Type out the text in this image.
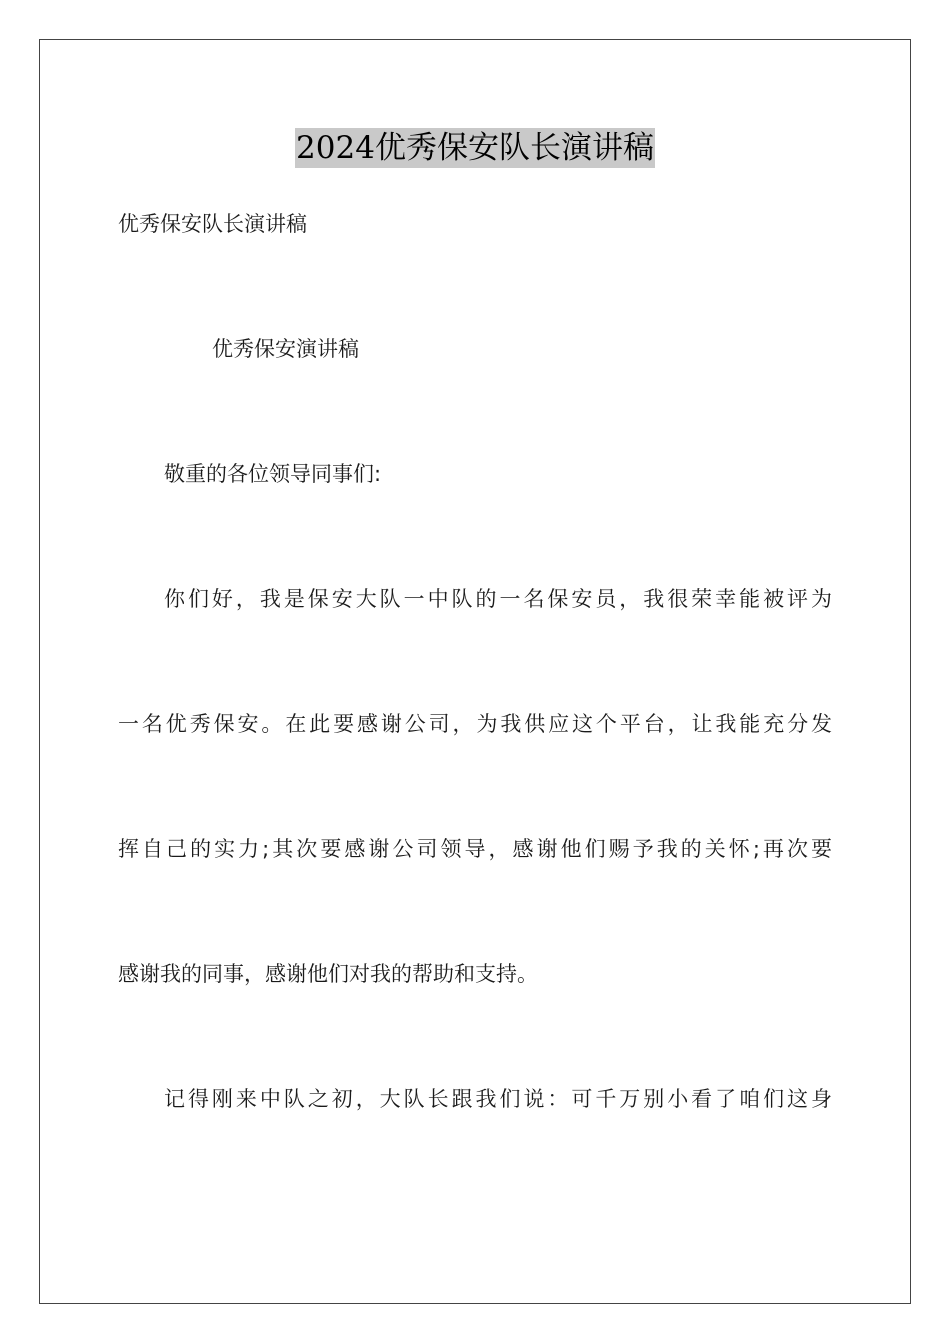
2024优秀保安队长演讲稿
优秀保安队长演讲稿
优秀保安演讲稿
敬重的各位领导同事们:
你们好，我是保安大队一中队的一名保安员，我很荣幸能被评为
一名优秀保安。在此要感谢公司，为我供应这个平台，让我能充分发
挥自己的实力;其次要感谢公司领导，感谢他们赐予我的关怀;再次要
感谢我的同事，感谢他们对我的帮助和支持。
记得刚来中队之初，大队长跟我们说：可千万别小看了咱们这身
